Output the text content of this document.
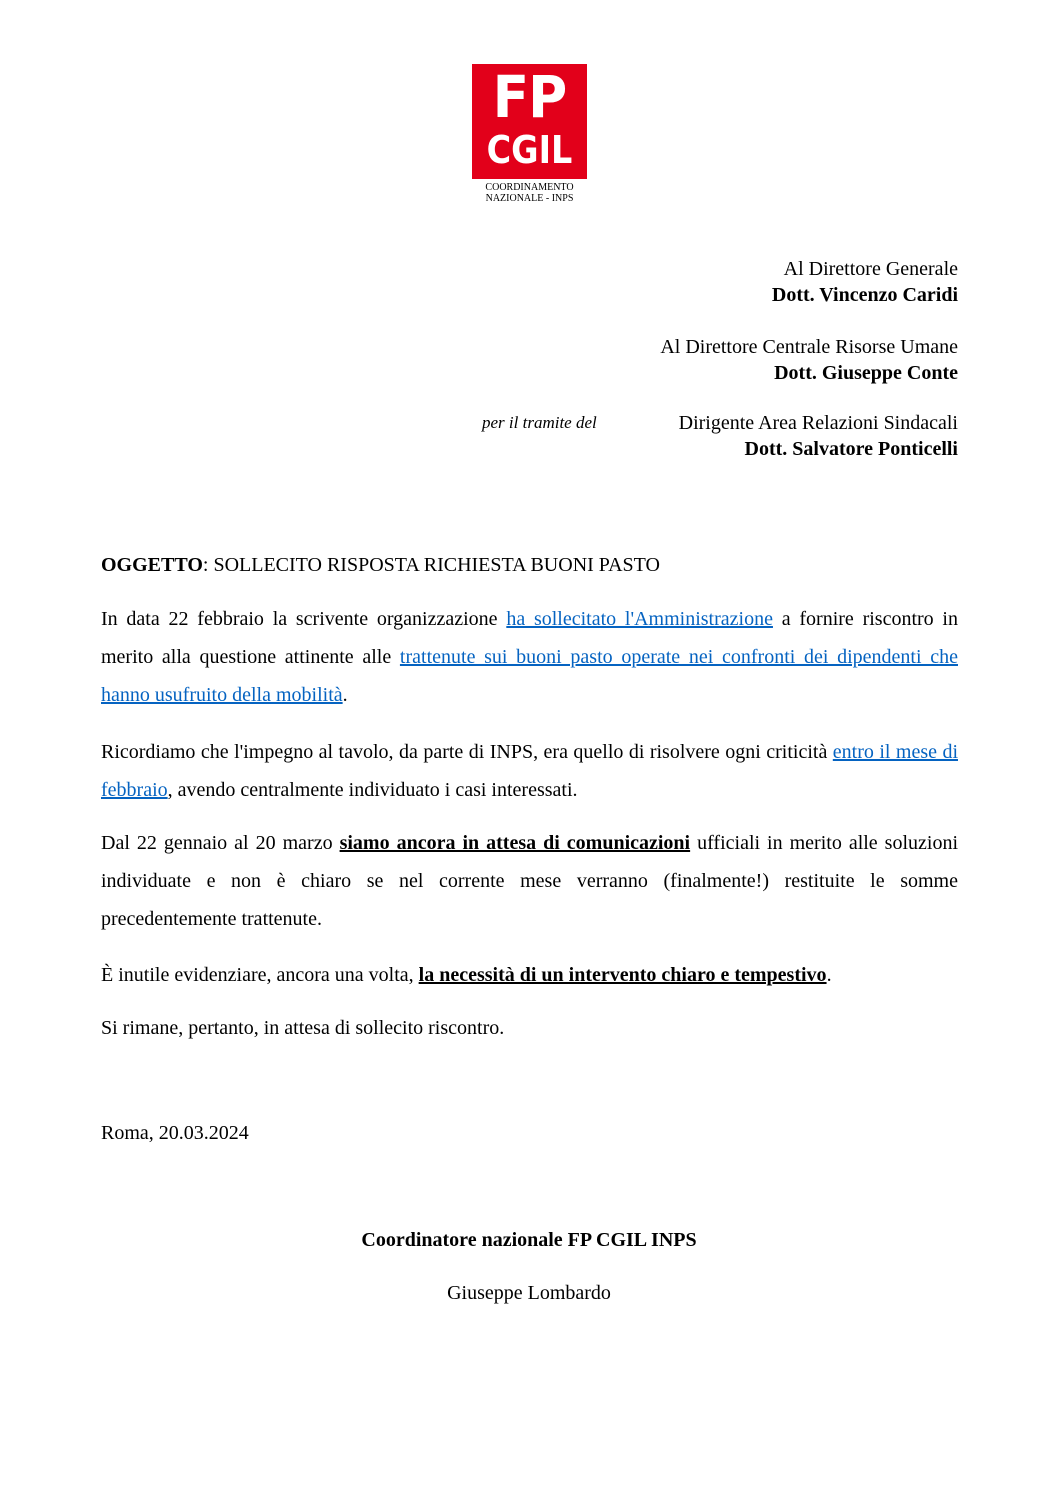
FP
CGIL
COORDINAMENTO
NAZIONALE - INPS
Al Direttore Generale
Dott. Vincenzo Caridi
Al Direttore Centrale Risorse Umane
Dott. Giuseppe Conte
per il tramite del	Dirigente Area Relazioni Sindacali
Dott. Salvatore Ponticelli
OGGETTO: SOLLECITO RISPOSTA RICHIESTA BUONI PASTO

In data 22 febbraio la scrivente organizzazione ha sollecitato l'Amministrazione a fornire riscontro in merito alla questione attinente alle trattenute sui buoni pasto operate nei confronti dei dipendenti che hanno usufruito della mobilità.

Ricordiamo che l'impegno al tavolo, da parte di INPS, era quello di risolvere ogni criticità entro il mese di febbraio, avendo centralmente individuato i casi interessati.

Dal 22 gennaio al 20 marzo siamo ancora in attesa di comunicazioni ufficiali in merito alle soluzioni individuate e non è chiaro se nel corrente mese verranno (finalmente!) restituite le somme precedentemente trattenute.

È inutile evidenziare, ancora una volta, la necessità di un intervento chiaro e tempestivo.

Si rimane, pertanto, in attesa di sollecito riscontro.

Roma, 20.03.2024
Coordinatore nazionale FP CGIL INPS
Giuseppe Lombardo
